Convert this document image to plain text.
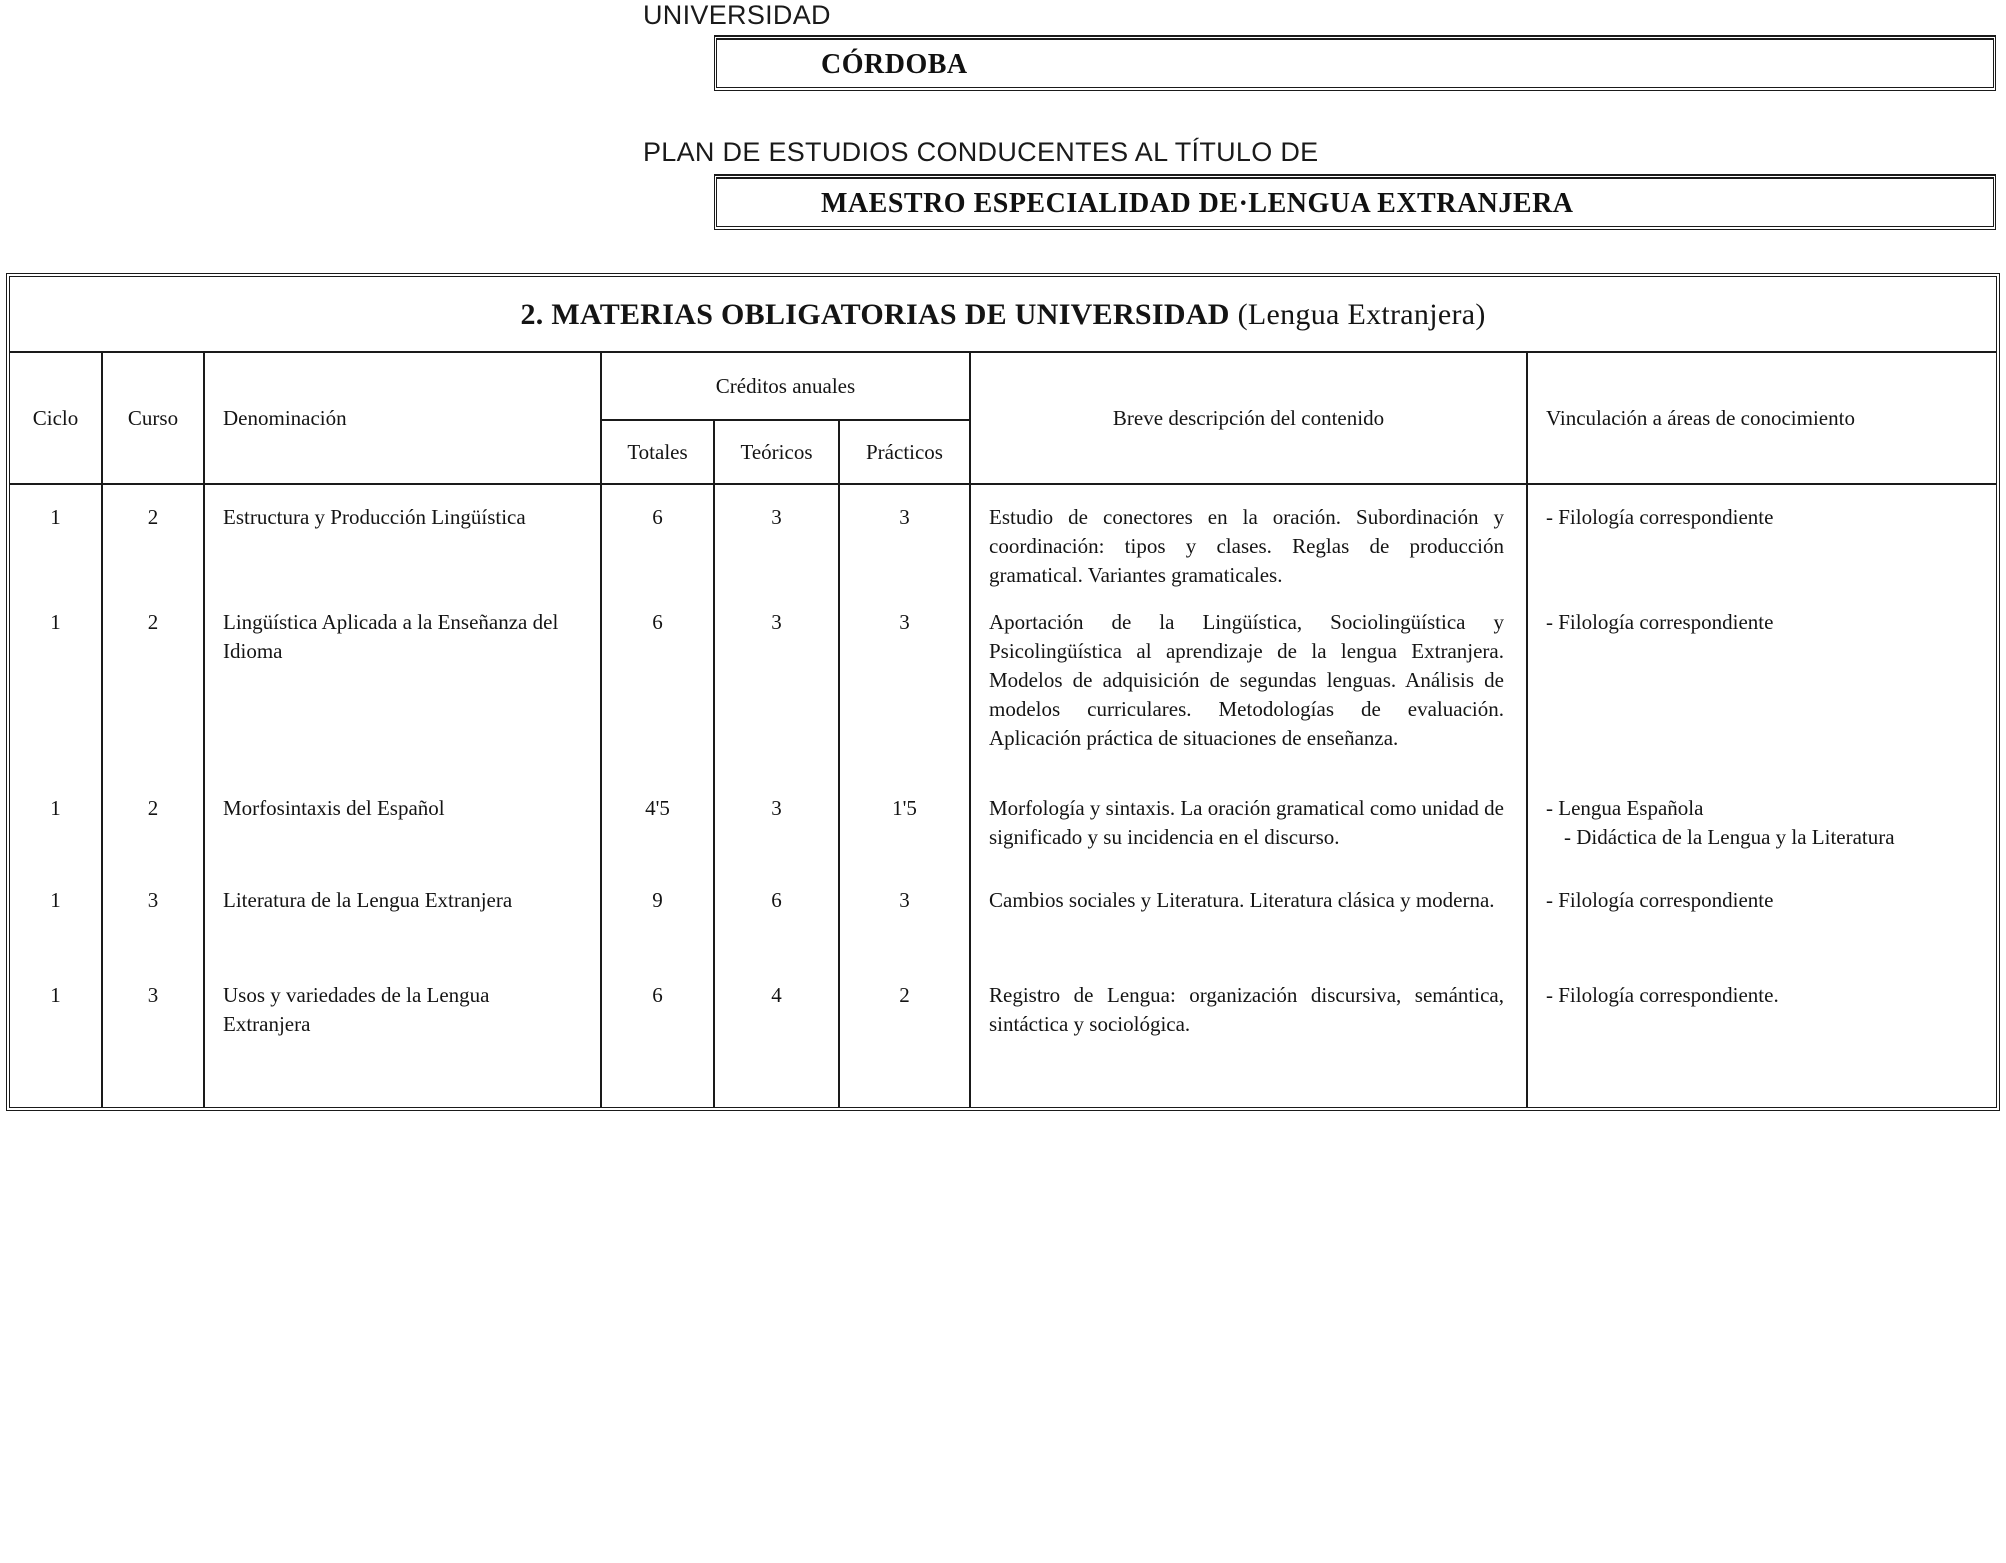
UNIVERSIDAD
CÓRDOBA
PLAN DE ESTUDIOS CONDUCENTES AL TÍTULO DE
MAESTRO ESPECIALIDAD DE·LENGUA EXTRANJERA
2. MATERIAS OBLIGATORIAS DE UNIVERSIDAD (Lengua Extranjera)							
Ciclo	Curso	Denominación	Créditos anuales			Breve descripción del contenido	Vinculación a áreas de conocimiento
			Totales	Teóricos	Prácticos		
1	2	Estructura y Producción Lingüística	6	3	3	Estudio de conectores en la oración. Subordinación y coordinación: tipos y clases. Reglas de producción gramatical. Variantes gramaticales.	- Filología correspondiente

1	2	Lingüística Aplicada a la Enseñanza del Idioma	6	3	3	Aportación de la Lingüística, Sociolingüística y Psicolingüística al aprendizaje de la lengua Extranjera. Modelos de adquisición de segundas lenguas. Análisis de modelos curriculares. Metodologías de evaluación. Aplicación práctica de situaciones de enseñanza.	- Filología correspondiente

1	2	Morfosintaxis del Español	4'5	3	1'5	Morfología y sintaxis. La oración gramatical como unidad de significado y su incidencia en el discurso.	- Lengua Española
- Didáctica de la Lengua y la Literatura

1	3	Literatura de la Lengua Extranjera	9	6	3	Cambios sociales y Literatura. Literatura clásica y moderna.	- Filología correspondiente

1	3	Usos y variedades de la Lengua Extranjera	6	4	2	Registro de Lengua: organización discursiva, semántica, sintáctica y sociológica.	- Filología correspondiente.
